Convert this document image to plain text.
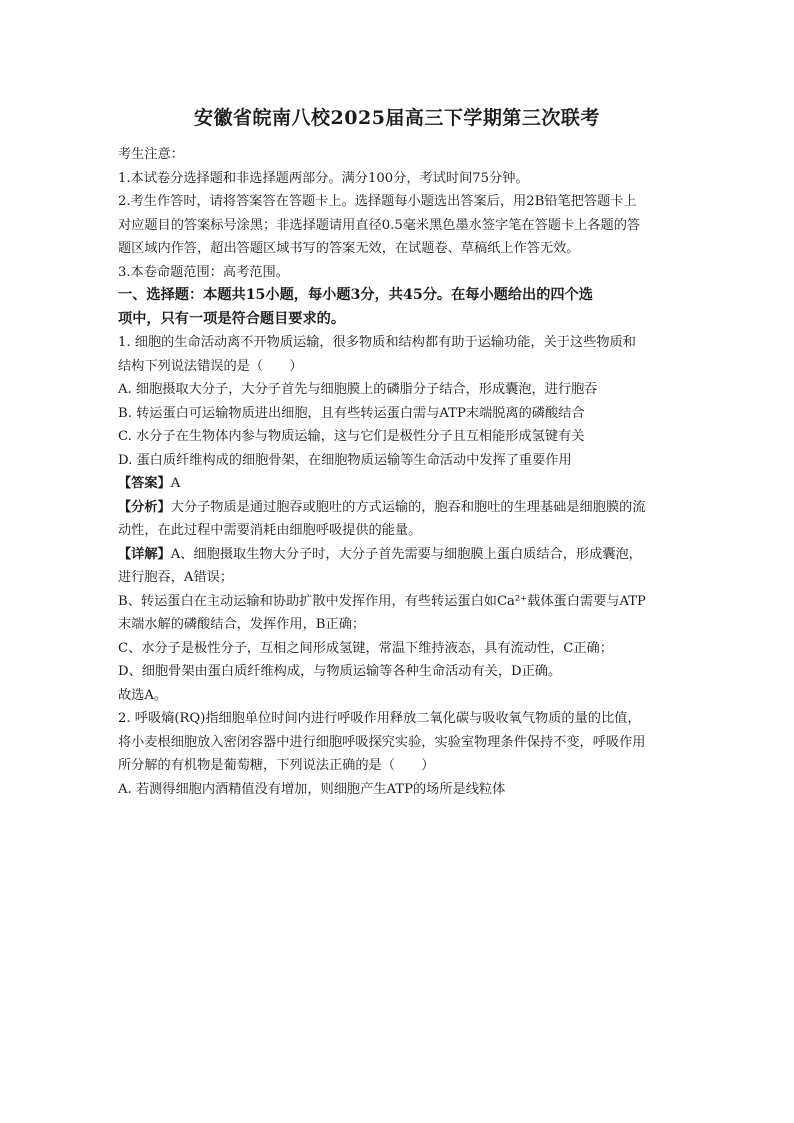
安徽省皖南八校2025届高三下学期第三次联考
考生注意：
1.本试卷分选择题和非选择题两部分。满分100分，考试时间75分钟。
2.考生作答时，请将答案答在答题卡上。选择题每小题选出答案后，用2B铅笔把答题卡上
对应题目的答案标号涂黑；非选择题请用直径0.5毫米黑色墨水签字笔在答题卡上各题的答
题区域内作答，超出答题区域书写的答案无效，在试题卷、草稿纸上作答无效。
3.本卷命题范围：高考范围。
一、选择题：本题共15小题，每小题3分，共45分。在每小题给出的四个选
项中，只有一项是符合题目要求的。
1. 细胞的生命活动离不开物质运输，很多物质和结构都有助于运输功能，关于这些物质和
结构下列说法错误的是（　　）
A. 细胞摄取大分子，大分子首先与细胞膜上的磷脂分子结合，形成囊泡，进行胞吞
B. 转运蛋白可运输物质进出细胞，且有些转运蛋白需与ATP末端脱离的磷酸结合
C. 水分子在生物体内参与物质运输，这与它们是极性分子且互相能形成氢键有关
D. 蛋白质纤维构成的细胞骨架，在细胞物质运输等生命活动中发挥了重要作用
【答案】A
【分析】大分子物质是通过胞吞或胞吐的方式运输的，胞吞和胞吐的生理基础是细胞膜的流
动性，在此过程中需要消耗由细胞呼吸提供的能量。
【详解】A、细胞摄取生物大分子时，大分子首先需要与细胞膜上蛋白质结合，形成囊泡，
进行胞吞，A错误；
B、转运蛋白在主动运输和协助扩散中发挥作用，有些转运蛋白如Ca²⁺载体蛋白需要与ATP
末端水解的磷酸结合，发挥作用，B正确；
C、水分子是极性分子，互相之间形成氢键，常温下维持液态，具有流动性，C正确；
D、细胞骨架由蛋白质纤维构成，与物质运输等各种生命活动有关，D正确。
故选A。
2. 呼吸熵(RQ)指细胞单位时间内进行呼吸作用释放二氧化碳与吸收氧气物质的量的比值，
将小麦根细胞放入密闭容器中进行细胞呼吸探究实验，实验室物理条件保持不变，呼吸作用
所分解的有机物是葡萄糖，下列说法正确的是（　　）
A. 若测得细胞内酒精值没有增加，则细胞产生ATP的场所是线粒体
